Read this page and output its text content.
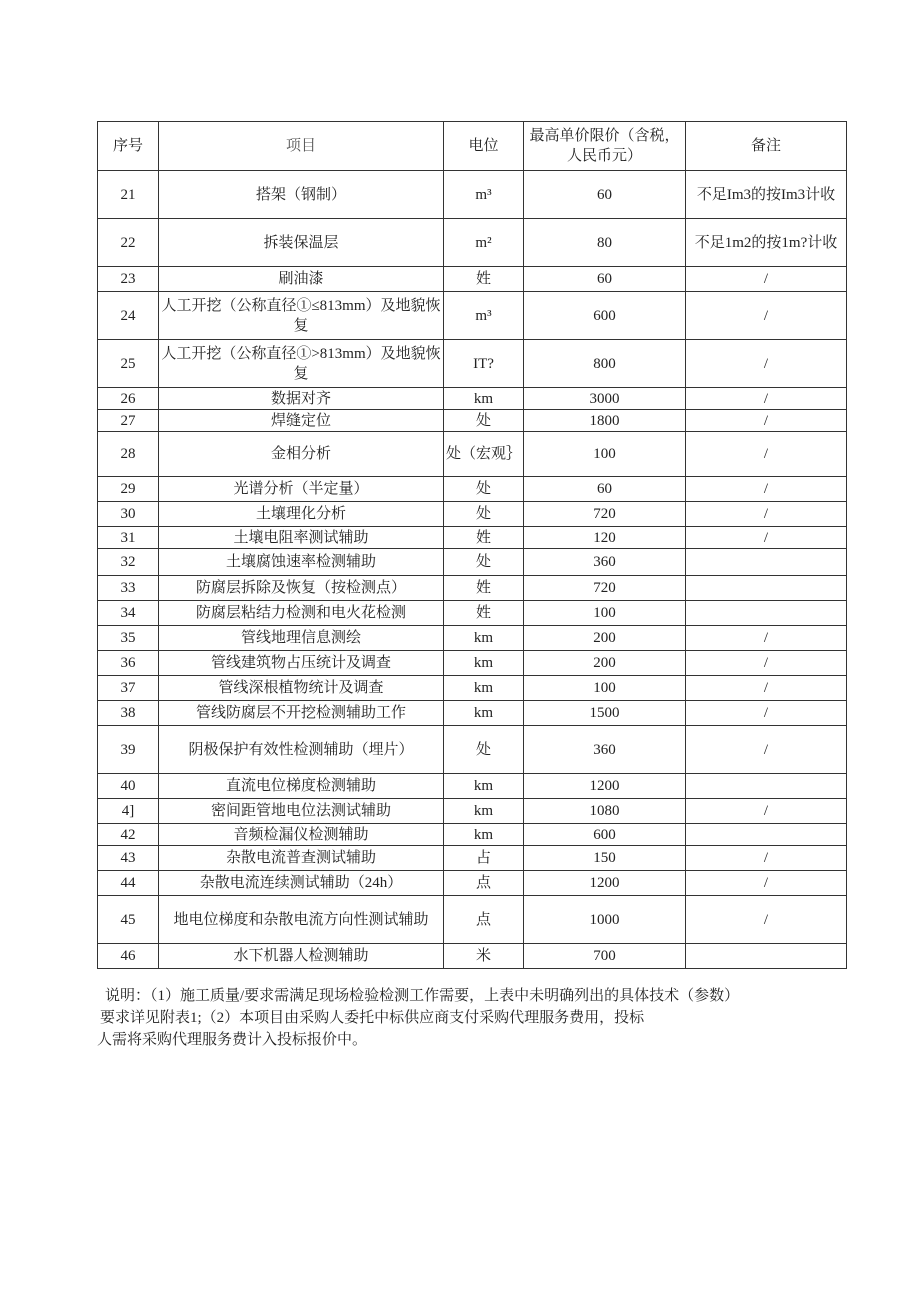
序号	项目	电位	最高单价限价（含税，人民币元）	备注
21	搭架（钢制）	m³	60	不足Im3的按Im3计收
22	拆装保温层	m²	80	不足1m2的按1m?计收
23	刷油漆	姓	60	/
24	人工开挖（公称直径①≤813mm）及地貌恢复	m³	600	/
25	人工开挖（公称直径①>813mm）及地貌恢复	IT?	800	/
26	数据对齐	km	3000	/
27	焊缝定位	处	1800	/
28	金相分析	处（宏观｝	100	/
29	光谱分析（半定量）	处	60	/
30	土壤理化分析	处	720	/
31	土壤电阻率测试辅助	姓	120	/
32	土壤腐蚀速率检测辅助	处	360	
33	防腐层拆除及恢复（按检测点）	姓	720	
34	防腐层粘结力检测和电火花检测	姓	100	
35	管线地理信息测绘	km	200	/
36	管线建筑物占压统计及调查	km	200	/
37	管线深根植物统计及调查	km	100	/
38	管线防腐层不开挖检测辅助工作	km	1500	/
39	阴极保护有效性检测辅助（埋片）	处	360	/
40	直流电位梯度检测辅助	km	1200	
4]	密间距管地电位法测试辅助	km	1080	/
42	音频检漏仪检测辅助	km	600	
43	杂散电流普查测试辅助	占	150	/
44	杂散电流连续测试辅助（24h）	点	1200	/
45	地电位梯度和杂散电流方向性测试辅助	点	1000	/
46	水下机器人检测辅助	米	700	

说明：（1）施工质量/要求需满足现场检验检测工作需要，上表中未明确列出的具体技术（参数）

要求详见附表1;（2）本项目由采购人委托中标供应商支付采购代理服务费用，投标

人需将采购代理服务费计入投标报价中。
